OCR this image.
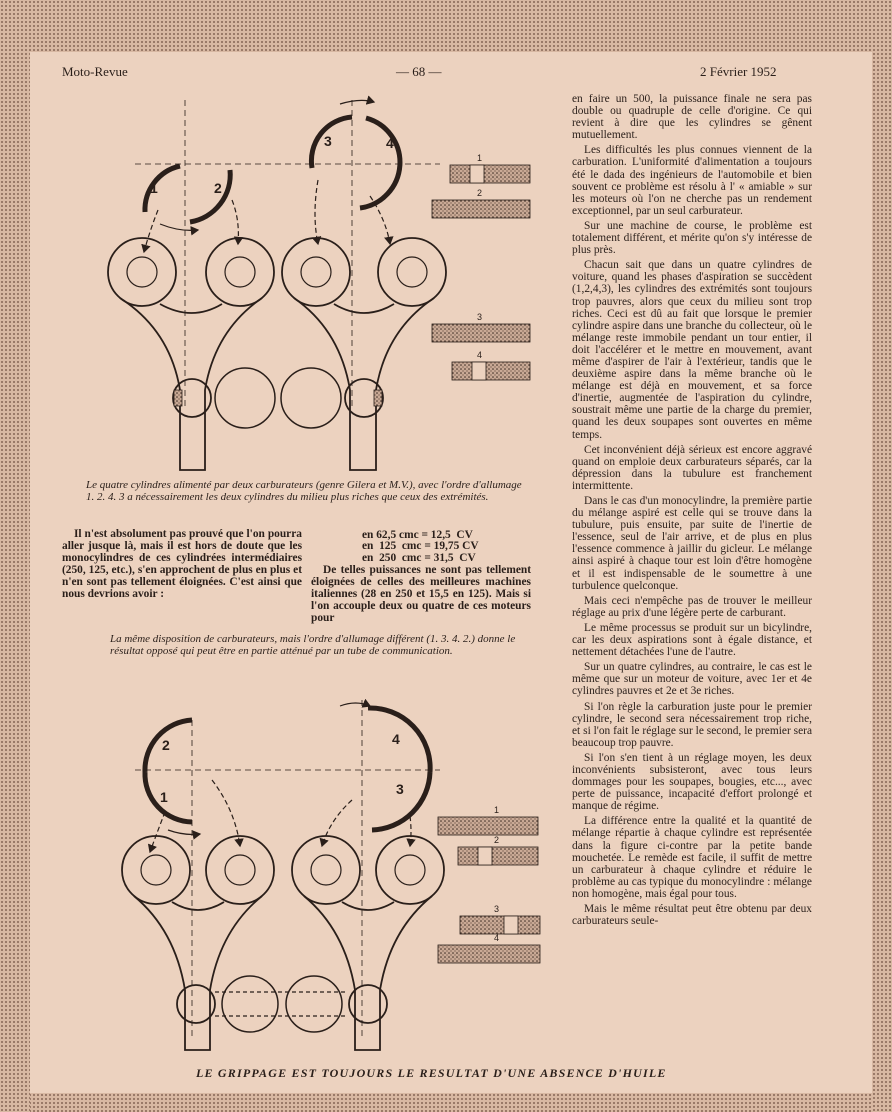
Moto-Revue	— 68 —	2 Février 1952
1	2
3	4
2
1
4
3
1
2
3
4
1
2
3
4
Le quatre cylindres alimenté par deux carburateurs (genre Gilera et M.V.), avec l'ordre d'allumage 1. 2. 4. 3 a nécessairement les deux cylindres du milieu plus riches que ceux des extrémités.
La même disposition de carburateurs, mais l'ordre d'allumage différent (1. 3. 4. 2.) donne le résultat opposé qui peut être en partie atténué par un tube de communication.

Il n'est absolument pas prouvé que l'on pourra aller jusque là, mais il est hors de doute que les monocylindres de ces cylindrées intermédiaires (250, 125, etc.), s'en approchent de plus en plus et n'en sont pas tellement éloignées. C'est ainsi que nous devrions avoir :

en 62,5 cmc = 12,5  CV
en  125  cmc = 19,75 CV
en  250  cmc = 31,5  CV

De telles puissances ne sont pas tellement éloignées de celles des meilleures machines italiennes (28 en 250 et 15,5 en 125). Mais si l'on accouple deux ou quatre de ces moteurs pour

en faire un 500, la puissance finale ne sera pas double ou quadruple de celle d'origine. Ce qui revient à dire que les cylindres se gênent mutuellement.

Les difficultés les plus connues viennent de la carburation. L'uniformité d'alimentation a toujours été le dada des ingénieurs de l'automobile et bien souvent ce problème est résolu à l' « amiable » sur les moteurs où l'on ne cherche pas un rendement exceptionnel, par un seul carburateur.

Sur une machine de course, le problème est totalement différent, et mérite qu'on s'y intéresse de plus près.

Chacun sait que dans un quatre cylindres de voiture, quand les phases d'aspiration se succèdent (1,2,4,3), les cylindres des extrémités sont toujours trop pauvres, alors que ceux du milieu sont trop riches. Ceci est dû au fait que lorsque le premier cylindre aspire dans une branche du collecteur, où le mélange reste immobile pendant un tour entier, il doit l'accélérer et le mettre en mouvement, avant même d'aspirer de l'air à l'extérieur, tandis que le deuxième aspire dans la même branche où le mélange est déjà en mouvement, et sa force d'inertie, augmentée de l'aspiration du cylindre, soustrait même une partie de la charge du premier, quand les deux soupapes sont ouvertes en même temps.

Cet inconvénient déjà sérieux est encore aggravé quand on emploie deux carburateurs séparés, car la dépression dans la tubulure est franchement intermittente.

Dans le cas d'un monocylindre, la première partie du mélange aspiré est celle qui se trouve dans la tubulure, puis ensuite, par suite de l'inertie de l'essence, seul de l'air arrive, et de plus en plus l'essence commence à jaillir du gicleur. Le mélange ainsi aspiré à chaque tour est loin d'être homogène et il est indispensable de le soumettre à une turbulence quelconque.

Mais ceci n'empêche pas de trouver le meilleur réglage au prix d'une légère perte de carburant.

Le même processus se produit sur un bicylindre, car les deux aspirations sont à égale distance, et nettement détachées l'une de l'autre.

Sur un quatre cylindres, au contraire, le cas est le même que sur un moteur de voiture, avec 1er et 4e cylindres pauvres et 2e et 3e riches.

Si l'on règle la carburation juste pour le premier cylindre, le second sera nécessairement trop riche, et si l'on fait le réglage sur le second, le premier sera beaucoup trop pauvre.

Si l'on s'en tient à un réglage moyen, les deux inconvénients subsisteront, avec tous leurs dommages pour les soupapes, bougies, etc..., avec perte de puissance, incapacité d'effort prolongé et manque de régime.

La différence entre la qualité et la quantité de mélange répartie à chaque cylindre est représentée dans la figure ci-contre par la petite bande mouchetée. Le remède est facile, il suffit de mettre un carburateur à chaque cylindre et réduire le problème au cas typique du monocylindre : mélange non homogène, mais égal pour tous.

Mais le même résultat peut être obtenu par deux carburateurs seule-

LE GRIPPAGE EST TOUJOURS LE RESULTAT D'UNE ABSENCE D'HUILE
